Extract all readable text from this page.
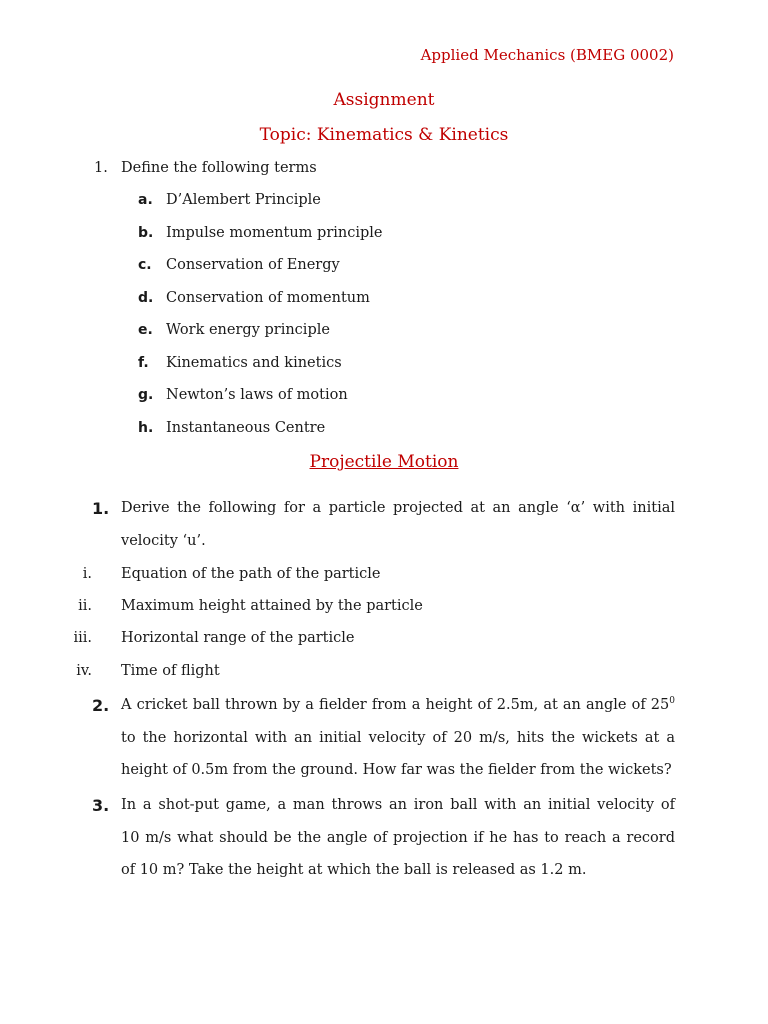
Applied Mechanics (BMEG 0002)
Assignment
Topic: Kinematics & Kinetics
1. Define the following terms
a. D’Alembert Principle
b. Impulse momentum principle
c. Conservation of Energy
d. Conservation of momentum
e. Work energy principle
f.	Kinematics and kinetics
g. Newton’s laws of motion
h. Instantaneous Centre
Projectile Motion
1. Derive the following for a particle projected at an angle ‘α’ with initial
velocity ‘u’.
i. Equation of the path of the particle
ii. Maximum height attained by the particle
iii. Horizontal range of the particle
iv. Time of flight
2. A cricket ball thrown by a fielder from a height of 2.5m, at an angle of $25^0$
to the horizontal with an initial velocity of 20 m/s, hits the wickets at a
height of 0.5m from the ground. How far was the fielder from the wickets?
3. In a shot-put game, a man throws an iron ball with an initial velocity of
10 m/s what should be the angle of projection if he has to reach a record
of 10 m? Take the height at which the ball is released as 1.2 m.
